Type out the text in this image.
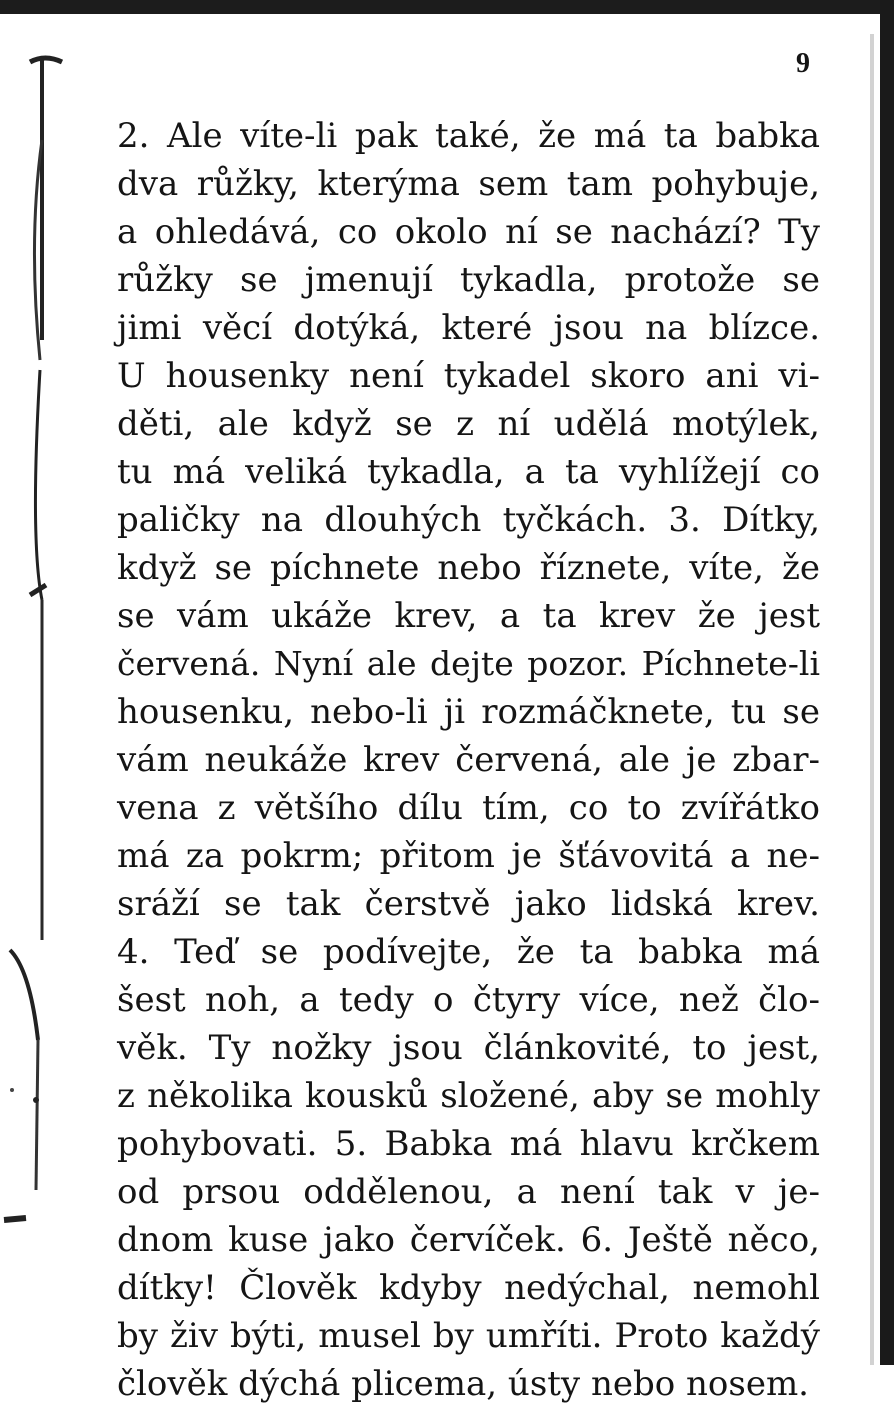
9
2. Ale víte-li pak také, že má ta babka
dva růžky, kterýma sem tam pohybuje,
a ohledává, co okolo ní se nachází? Ty
růžky se jmenují tykadla, protože se
jimi věcí dotýká, které jsou na blízce.
U housenky není tykadel skoro ani vi-
děti, ale když se z ní udělá motýlek,
tu má veliká tykadla, a ta vyhlížejí co
paličky na dlouhých tyčkách. 3. Dítky,
když se píchnete nebo říznete, víte, že
se vám ukáže krev, a ta krev že jest
červená. Nyní ale dejte pozor. Píchnete-li
housenku, nebo-li ji rozmáčknete, tu se
vám neukáže krev červená, ale je zbar-
vena z většího dílu tím, co to zvířátko
má za pokrm; přitom je šťávovitá a ne-
sráží se tak čerstvě jako lidská krev.
4. Teď se podívejte, že ta babka má
šest noh, a tedy o čtyry více, než člo-
věk. Ty nožky jsou článkovité, to jest,
z několika kousků složené, aby se mohly
pohybovati. 5. Babka má hlavu krčkem
od prsou oddělenou, a není tak v je-
dnom kuse jako červíček. 6. Ještě něco,
dítky! Člověk kdyby nedýchal, nemohl
by živ býti, musel by umříti. Proto každý
člověk dýchá plicema, ústy nebo nosem.
